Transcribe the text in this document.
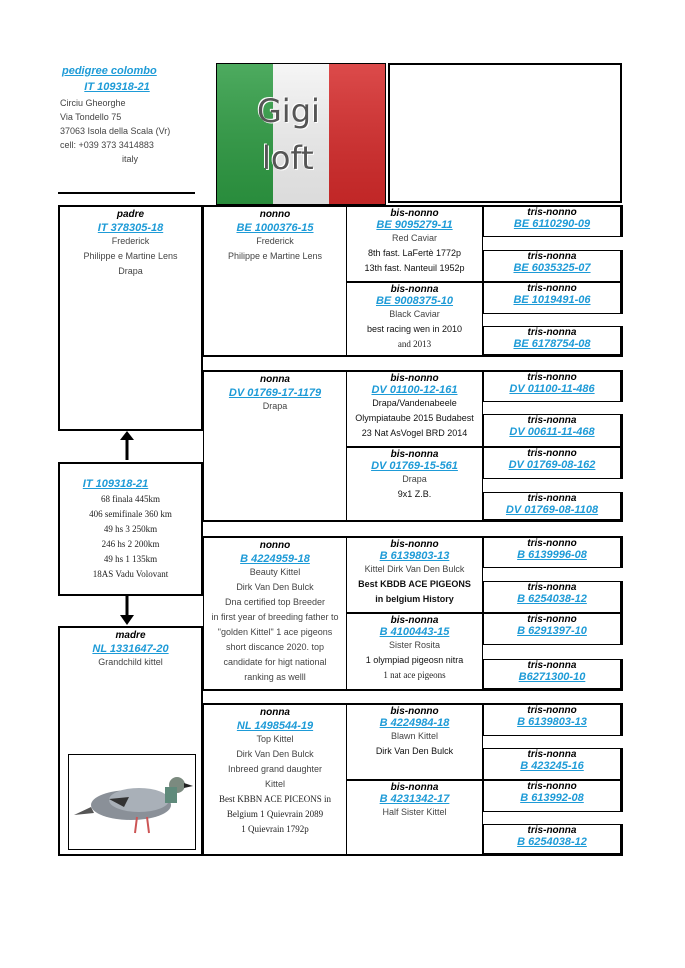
pedigree colombo
IT 109318-21
Circiu Gheorghe
Via Tondello 75
37063 Isola della Scala (Vr)
cell: +039 373 3414883
italy
Gigi
loft
padre
IT 378305-18
Frederick
Philippe e Martine Lens
Drapa
IT 109318-21
68 finala 445km
406 semifinale 360 km
49 hs 3 250km
246 hs 2 200km
49 hs 1 135km
18AS Vadu Volovant
madre
NL 1331647-20
Grandchild kittel
nonno
BE 1000376-15
Frederick
Philippe e Martine Lens
nonna
DV 01769-17-1179
Drapa
nonno
B 4224959-18
Beauty Kittel
Dirk Van Den Bulck
Dna certified top Breeder
in first year of breeding father to
"golden Kittel" 1 ace pigeons
short discance 2020. top
candidate for higt national
ranking as welll
nonna
NL 1498544-19
Top Kittel
Dirk Van Den Bulck
Inbreed grand daughter
Kittel
Best KBBN ACE PICEONS in
Belgium 1 Quievrain 2089
1 Quievrain 1792p
bis-nonno
BE 9095279-11
Red Caviar
8th fast. LaFertè 1772p
13th fast. Nanteuil 1952p
bis-nonna
BE 9008375-10
Black Caviar
best racing wen in 2010
and 2013
bis-nonno
DV 01100-12-161
Drapa/Vandenabeele
Olympiataube 2015 Budabest
23 Nat AsVogel BRD 2014
bis-nonna
DV 01769-15-561
Drapa
9x1 Z.B.
bis-nonno
B 6139803-13
Kittel Dirk Van Den Bulck
Best KBDB ACE PIGEONS
in belgium History
bis-nonna
B 4100443-15
Sister Rosita
1 olympiad pigeosn nitra
1 nat ace pigeons
bis-nonno
B 4224984-18
Blawn Kittel
Dirk Van Den Bulck
bis-nonna
B 4231342-17
Half Sister Kittel
tris-nonno
BE 6110290-09
tris-nonna
BE 6035325-07
tris-nonno
BE 1019491-06
tris-nonna
BE 6178754-08
tris-nonno
DV 01100-11-486
tris-nonna
DV 00611-11-468
tris-nonno
DV 01769-08-162
tris-nonna
DV 01769-08-1108
tris-nonno
B 6139996-08
tris-nonna
B 6254038-12
tris-nonno
B 6291397-10
tris-nonna
B6271300-10
tris-nonno
B 6139803-13
tris-nonna
B 423245-16
tris-nonno
B 613992-08
tris-nonna
B 6254038-12
